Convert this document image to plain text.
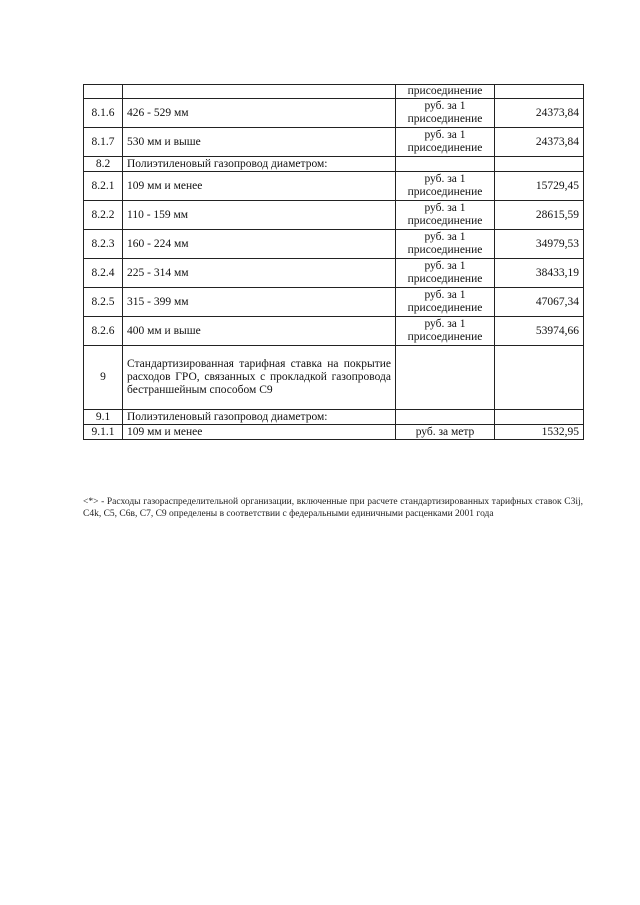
		присоединение	
8.1.6	426 - 529 мм	руб. за 1 присоединение	24373,84
8.1.7	530 мм и выше	руб. за 1 присоединение	24373,84
8.2	Полиэтиленовый газопровод диаметром:		
8.2.1	109 мм и менее	руб. за 1 присоединение	15729,45
8.2.2	110 - 159 мм	руб. за 1 присоединение	28615,59
8.2.3	160 - 224 мм	руб. за 1 присоединение	34979,53
8.2.4	225 - 314 мм	руб. за 1 присоединение	38433,19
8.2.5	315 - 399 мм	руб. за 1 присоединение	47067,34
8.2.6	400 мм и выше	руб. за 1 присоединение	53974,66
9	Стандартизированная тарифная ставка на покрытие расходов ГРО, связанных с прокладкой газопровода бестраншейным способом С9		
9.1	Полиэтиленовый газопровод диаметром:		
9.1.1	109 мм и менее	руб. за метр	1532,95

<*> - Расходы газораспределительной организации, включенные при расчете стандартизированных тарифных ставок С3ij, С4k, С5, С6в, С7, С9 определены в соответствии с федеральными единичными расценками 2001 года
